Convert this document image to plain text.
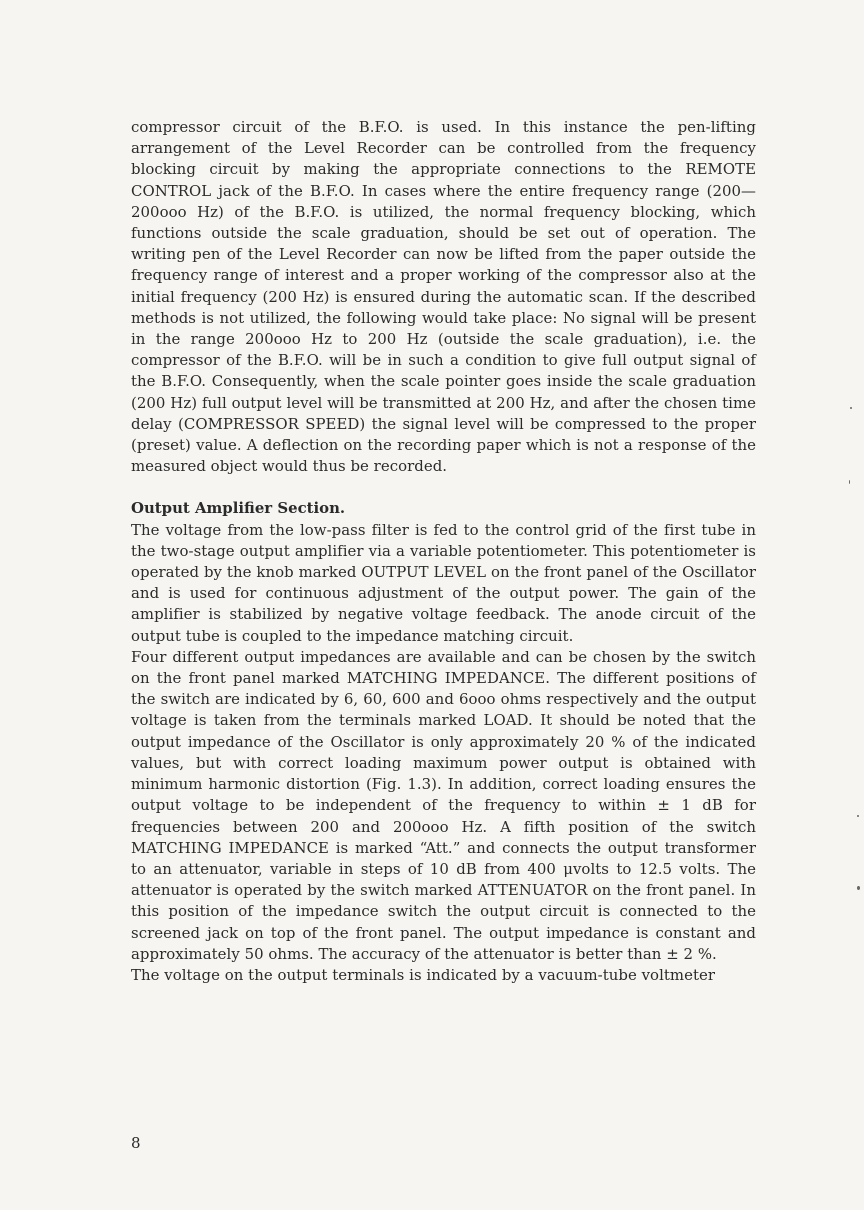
compressor circuit of the B.F.O. is used. In this instance the pen-lifting arrangement of the Level Recorder can be controlled from the frequency blocking circuit by making the appropriate connections to the REMOTE CONTROL jack of the B.F.O. In cases where the entire frequency range (200—200ooo Hz) of the B.F.O. is utilized, the normal frequency blocking, which functions outside the scale graduation, should be set out of operation. The writing pen of the Level Recorder can now be lifted from the paper outside the frequency range of interest and a proper working of the compressor also at the initial frequency (200 Hz) is ensured during the automatic scan. If the described methods is not utilized, the following would take place: No signal will be present in the range 200ooo Hz to 200 Hz (outside the scale graduation), i.e. the compressor of the B.F.O. will be in such a condition to give full output signal of the B.F.O. Consequently, when the scale pointer goes inside the scale graduation (200 Hz) full output level will be transmitted at 200 Hz, and after the chosen time delay (COMPRESSOR SPEED) the signal level will be compressed to the proper (preset) value. A deflection on the recording paper which is not a response of the measured object would thus be recorded.

Output Amplifier Section.

The voltage from the low-pass filter is fed to the control grid of the first tube in the two-stage output amplifier via a variable potentiometer. This potentiometer is operated by the knob marked OUTPUT LEVEL on the front panel of the Oscillator and is used for continuous adjustment of the output power. The gain of the amplifier is stabilized by negative voltage feedback. The anode circuit of the output tube is coupled to the impedance matching circuit.

Four different output impedances are available and can be chosen by the switch on the front panel marked MATCHING IMPEDANCE. The different positions of the switch are indicated by 6, 60, 600 and 6ooo ohms respectively and the output voltage is taken from the terminals marked LOAD. It should be noted that the output impedance of the Oscillator is only approximately 20 % of the indicated values, but with correct loading maximum power output is obtained with minimum harmonic distortion (Fig. 1.3). In addition, correct loading ensures the output voltage to be independent of the frequency to within ± 1 dB for frequencies between 200 and 200ooo Hz. A fifth position of the switch MATCHING IMPEDANCE is marked “Att.” and connects the output transformer to an attenuator, variable in steps of 10 dB from 400 μvolts to 12.5 volts. The attenuator is operated by the switch marked ATTENUATOR on the front panel. In this position of the impedance switch the output circuit is connected to the screened jack on top of the front panel. The output impedance is constant and approximately 50 ohms. The accuracy of the attenuator is better than ± 2 %.

The voltage on the output terminals is indicated by a vacuum-tube voltmeter

8
